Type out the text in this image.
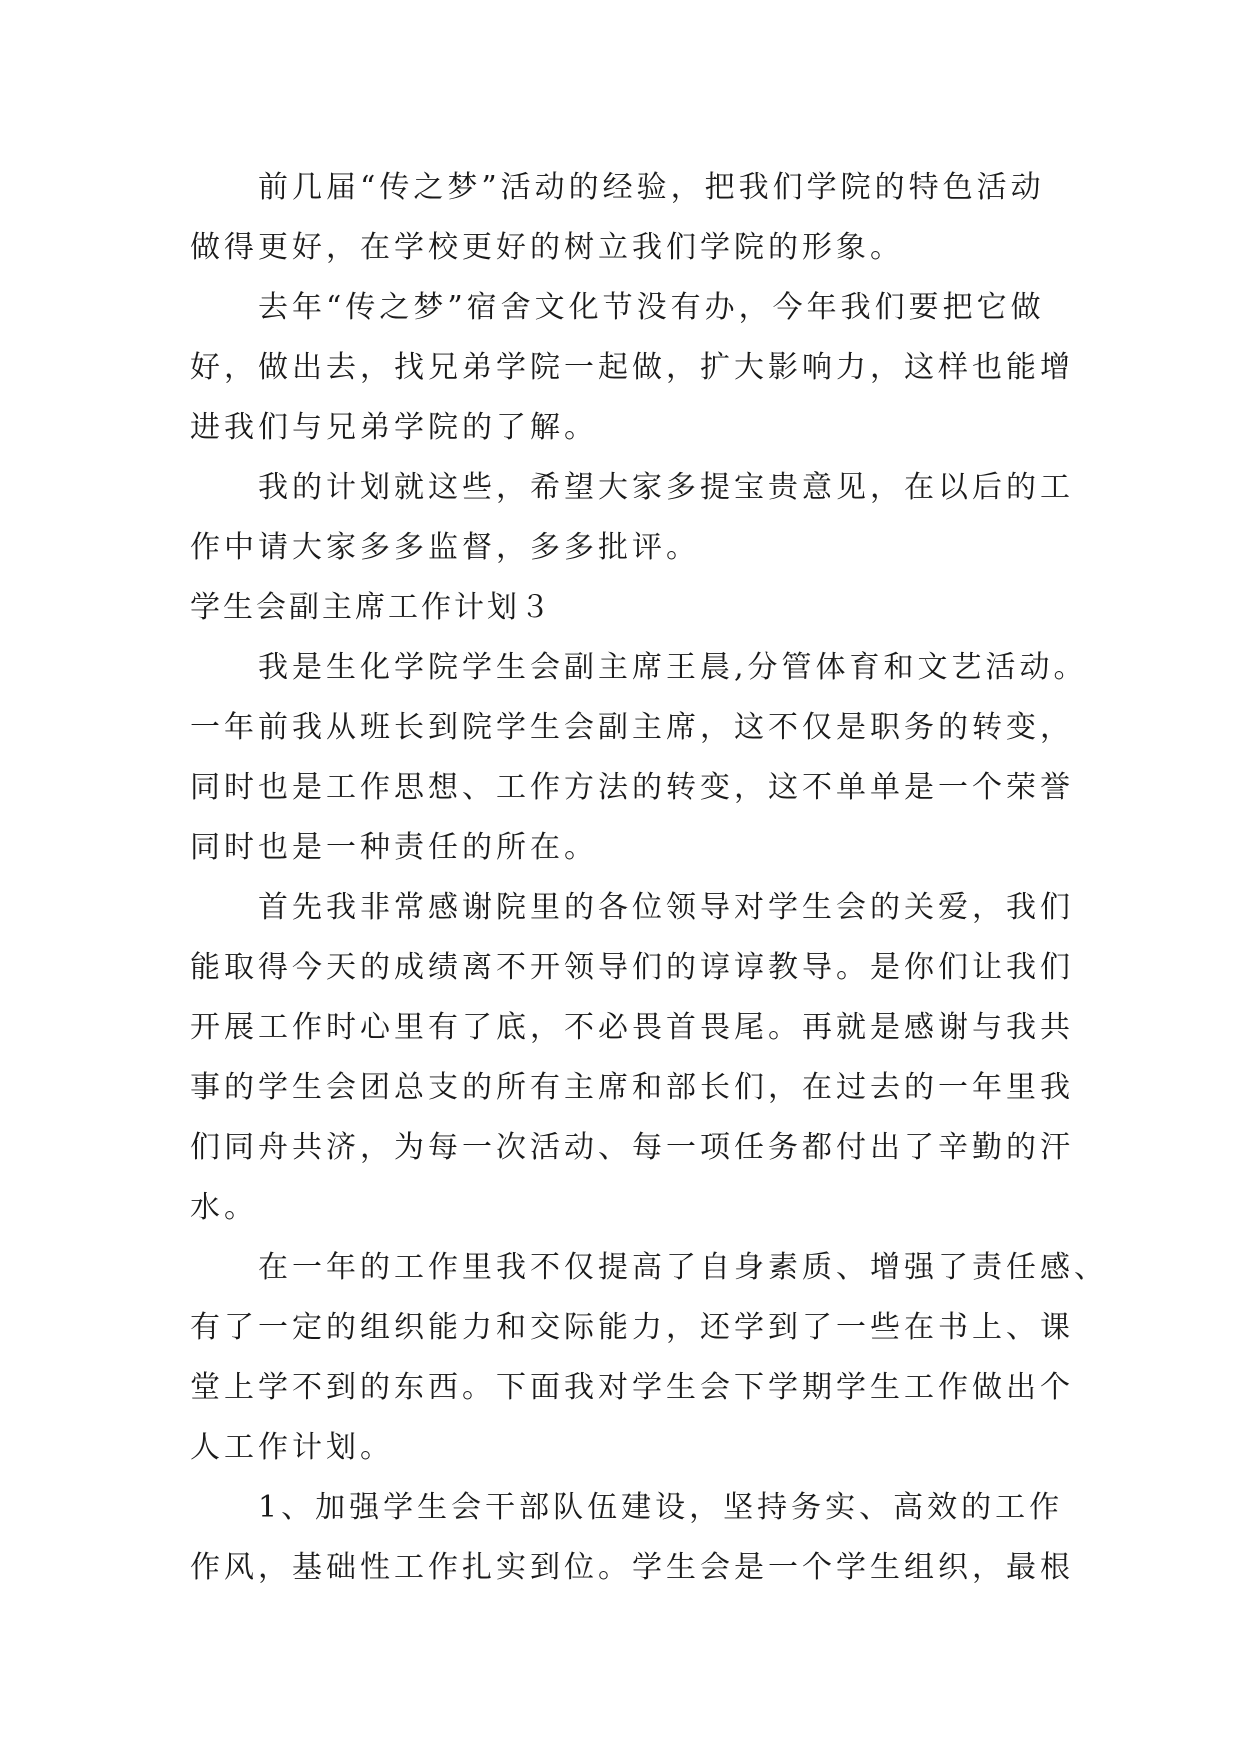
前几届“传之梦”活动的经验，把我们学院的特色活动
做得更好，在学校更好的树立我们学院的形象。
去年“传之梦”宿舍文化节没有办，今年我们要把它做
好，做出去，找兄弟学院一起做，扩大影响力，这样也能增
进我们与兄弟学院的了解。
我的计划就这些，希望大家多提宝贵意见，在以后的工
作中请大家多多监督，多多批评。
学生会副主席工作计划３
我是生化学院学生会副主席王晨,分管体育和文艺活动。
一年前我从班长到院学生会副主席，这不仅是职务的转变，
同时也是工作思想、工作方法的转变，这不单单是一个荣誉
同时也是一种责任的所在。
首先我非常感谢院里的各位领导对学生会的关爱，我们
能取得今天的成绩离不开领导们的谆谆教导。是你们让我们
开展工作时心里有了底，不必畏首畏尾。再就是感谢与我共
事的学生会团总支的所有主席和部长们，在过去的一年里我
们同舟共济，为每一次活动、每一项任务都付出了辛勤的汗
水。
在一年的工作里我不仅提高了自身素质、增强了责任感、
有了一定的组织能力和交际能力，还学到了一些在书上、课
堂上学不到的东西。下面我对学生会下学期学生工作做出个
人工作计划。
1、加强学生会干部队伍建设，坚持务实、高效的工作
作风，基础性工作扎实到位。学生会是一个学生组织，最根
